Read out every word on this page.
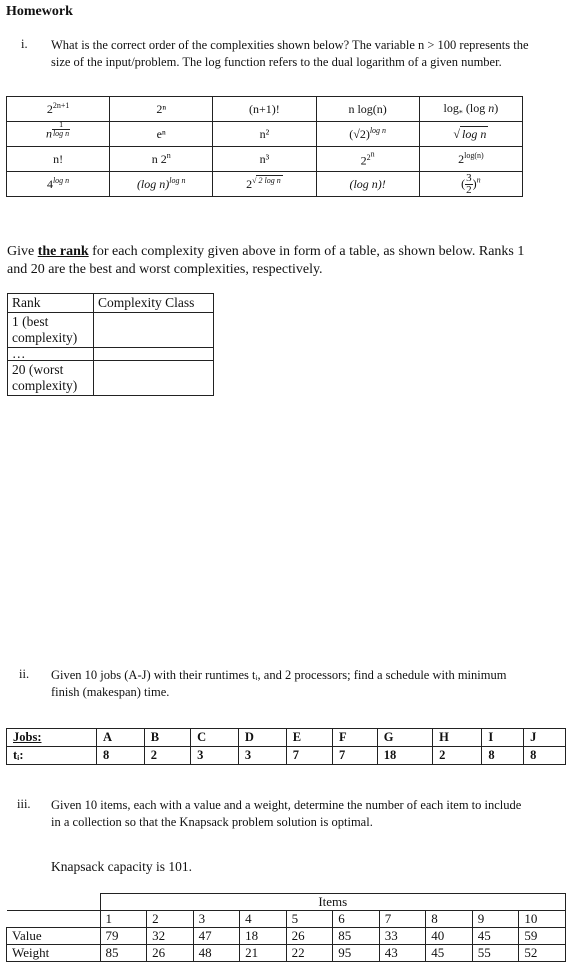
Homework
i. What is the correct order of the complexities shown below? The variable n > 100 represents the
size of the input/problem. The log function refers to the dual logarithm of a given number.
$2^{2n+1}$	2ⁿ	(n+1)!	n log(n)	$\log_* (\log$ n)
n $\frac{1}{\text{log n}}$	eⁿ	n²	$(√2)^{log n}$	√ log n
n!	n 2$^n$	n³	$2^{2^n}$	$2^{log(n)}$
$4^{log n}$	(log n)$^{log n}$	$2^{√ 2 log n}$	(log n)!	( $\frac{3}{2} )^n$
Give the rank for each complexity given above in form of a table, as shown below. Ranks 1
and 20 are the best and worst complexities, respectively.
Rank	Complexity Class

1 (best
complexity)	

…	

20 (worst
complexity)	

ii. Given 10 jobs (A-J) with their runtimes tᵢ, and 2 processors; find a schedule with minimum
finish (makespan) time.
Jobs:	A	B	C	D	E	F	G	H	I	J
tᵢ:	8	2	3	3	7	7	18	2	8	8
iii. Given 10 items, each with a value and a weight, determine the number of each item to include
in a collection so that the Knapsack problem solution is optimal.
Knapsack capacity is 101.
	Items									
	1	2	3	4	5	6	7	8	9	10
Value	79	32	47	18	26	85	33	40	45	59
Weight	85	26	48	21	22	95	43	45	55	52
